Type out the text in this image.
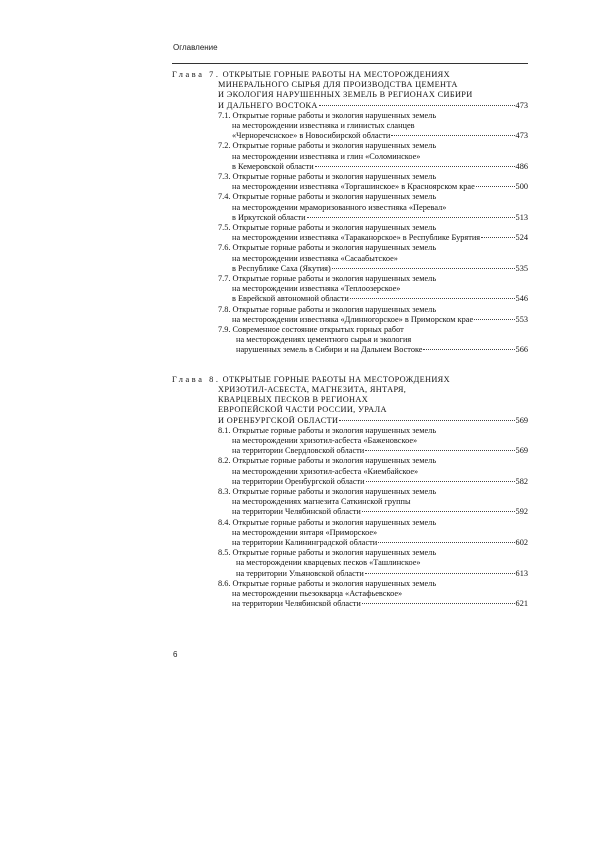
Оглавление
Глава 7. ОТКРЫТЫЕ ГОРНЫЕ РАБОТЫ НА МЕСТОРОЖДЕНИЯХ
МИНЕРАЛЬНОГО СЫРЬЯ ДЛЯ ПРОИЗВОДСТВА ЦЕМЕНТА
И ЭКОЛОГИЯ НАРУШЕННЫХ ЗЕМЕЛЬ В РЕГИОНАХ СИБИРИ
И ДАЛЬНЕГО ВОСТОКА	473
7.1. Открытые горные работы и экология нарушенных земель
на месторождении известняка и глинистых сланцев
«Черноречснское» в Новосибирской области	473
7.2. Открытые горные работы и экология нарушенных земель
на месторождении известняка и глин «Соломинское»
в Кемеровской области	486
7.3. Открытые горные работы и экология нарушенных земель
на месторождении известняка «Торгашинское» в Красноярском крае	500
7.4. Открытые горные работы и экология нарушенных земель
на месторождении мраморизованного известняка «Перевал»
в Иркутской области	513
7.5. Открытые горные работы и экология нарушенных земель
на месторождении известняка «Тараканорское» в Республике Бурятия	524
7.6. Открытые горные работы и экология нарушенных земель
на месторождении известняка «Сасаабытское»
в Республике Саха (Якутия)	535
7.7. Открытые горные работы и экология нарушенных земель
на месторождении известняка «Теплоозерское»
в Еврейской автономной области	546
7.8. Открытые горные работы и экология нарушенных земель
на месторождении известняка «Длинногорское» в Приморском крае	553
7.9. Современное состояние открытых горных работ
на месторождениях цементного сырья и экология
нарушенных земель в Сибири и на Дальнем Востоке	566
Глава 8. ОТКРЫТЫЕ ГОРНЫЕ РАБОТЫ НА МЕСТОРОЖДЕНИЯХ
ХРИЗОТИЛ-АСБЕСТА, МАГНЕЗИТА, ЯНТАРЯ,
КВАРЦЕВЫХ ПЕСКОВ В РЕГИОНАХ
ЕВРОПЕЙСКОЙ ЧАСТИ РОССИИ, УРАЛА
И ОРЕНБУРГСКОЙ ОБЛАСТИ	569
8.1. Открытые горные работы и экология нарушенных земель
на месторождении хризотил-асбеста «Баженовское»
на территории Свердловской области	569
8.2. Открытые горные работы и экология нарушенных земель
на месторождении хризотил-асбеста «Киембайское»
на территории Оренбургской области	582
8.3. Открытые горные работы и экология нарушенных земель
на месторождениях магнезита Саткинской группы
на территории Челябинской области	592
8.4. Открытые горные работы и экология нарушенных земель
на месторождении янтаря «Приморское»
на территории Калининградской области	602
8.5. Открытые горные работы и экология нарушенных земель
на месторождении кварцевых песков «Ташлинское»
на территории Ульяновской области	613
8.6. Открытые горные работы и экология нарушенных земель
на месторождении пьезокварца «Астафьевское»
на территории Челябинской области	621
6
